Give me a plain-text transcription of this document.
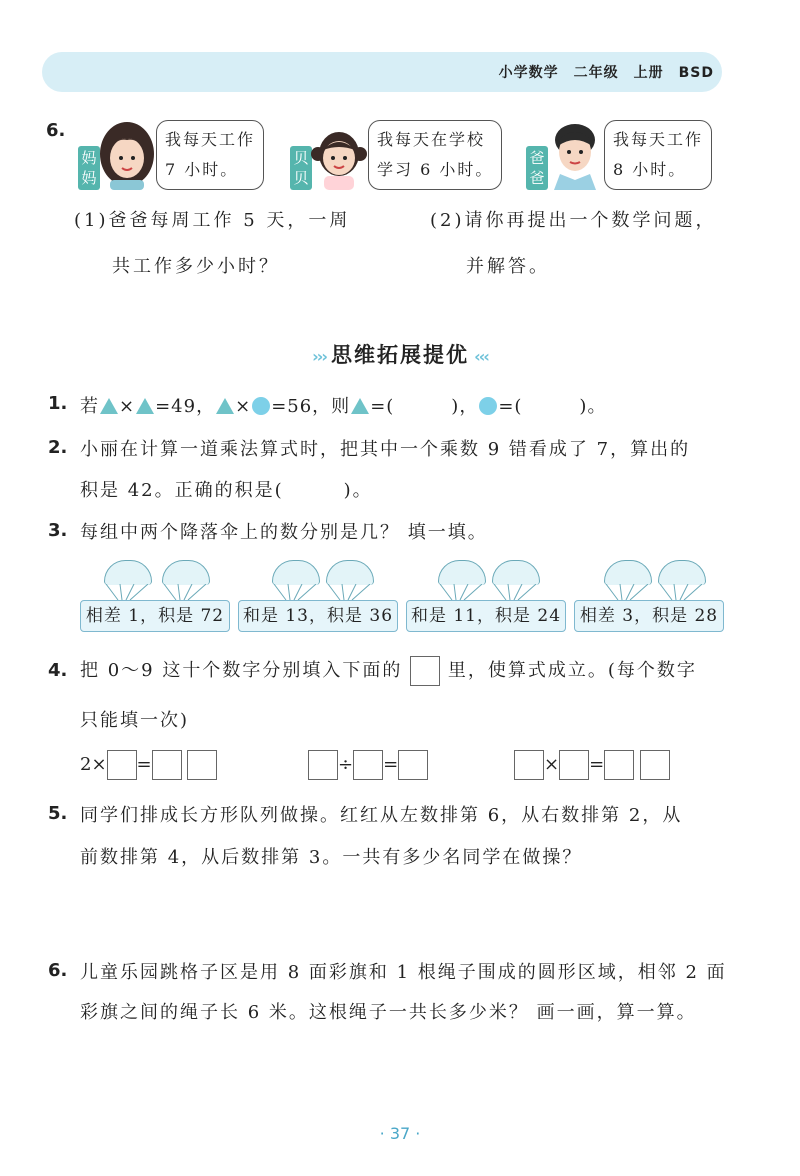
小学数学　二年级　上册　BSD
6.
妈妈
我每天工作
7 小时。
贝贝
我每天在学校
学习 6 小时。
爸爸
我每天工作
8 小时。
(1)爸爸每周工作 5 天，一周
共工作多少小时？
(2)请你再提出一个数学问题，
并解答。
››› 思维拓展提优 ‹‹‹
1. 若 × =49， × =56，则 =(　　　)， =(　　　)。
2. 小丽在计算一道乘法算式时，把其中一个乘数 9 错看成了 7，算出的
积是 42。正确的积是(　　　)。
3. 每组中两个降落伞上的数分别是几？ 填一填。
相差 1，积是 72	和是 13，积是 36 和是 11，积是 24	相差 3，积是 28
4. 把 0～9 这十个数字分别填入下面的	里，使算式成立。(每个数字
只能填一次)
2× =	÷ =	× =
5. 同学们排成长方形队列做操。红红从左数排第 6，从右数排第 2，从
前数排第 4，从后数排第 3。一共有多少名同学在做操？
6. 儿童乐园跳格子区是用 8 面彩旗和 1 根绳子围成的圆形区域，相邻 2 面
彩旗之间的绳子长 6 米。这根绳子一共长多少米？ 画一画，算一算。
· 37 ·
